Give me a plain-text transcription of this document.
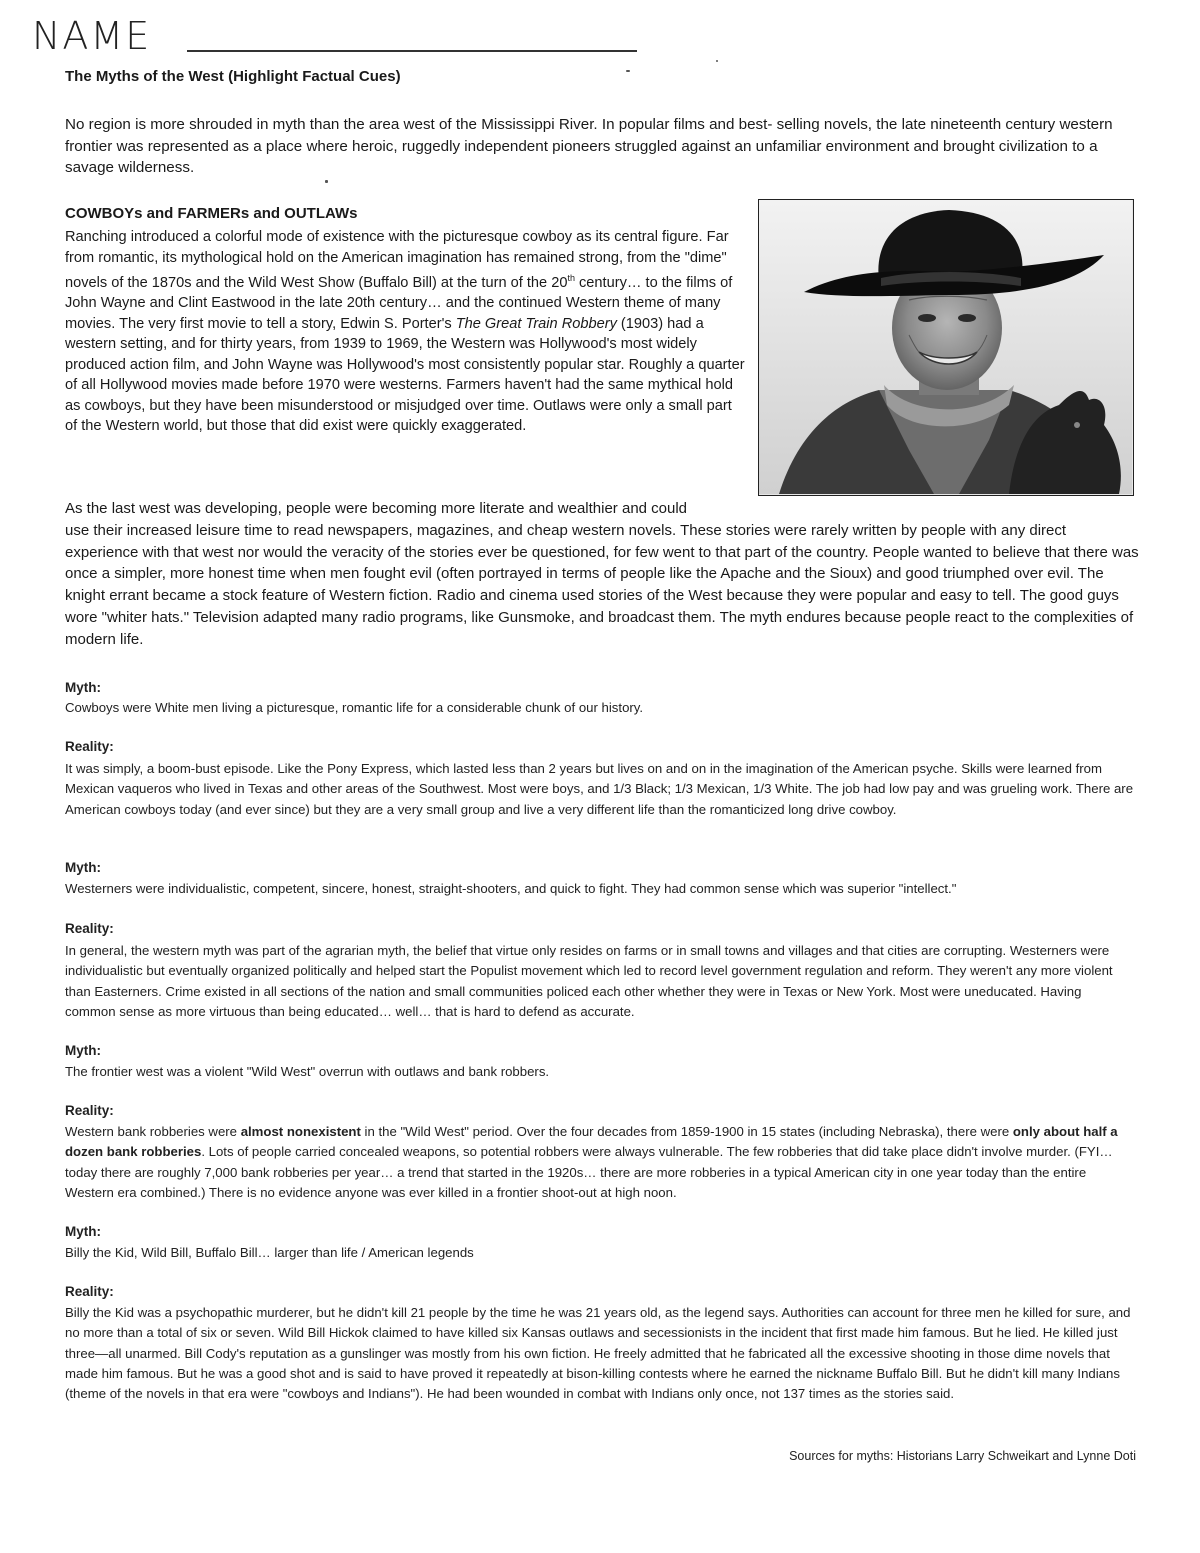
NAME
The Myths of the West (Highlight Factual Cues)
No region is more shrouded in myth than the area west of the Mississippi River. In popular films and best- selling novels, the late nineteenth century western frontier was represented as a place where heroic, ruggedly independent pioneers struggled against an unfamiliar environment and brought civilization to a savage wilderness.
COWBOYs and FARMERs and OUTLAWs
Ranching introduced a colorful mode of existence with the picturesque cowboy as its central figure. Far from romantic, its mythological hold on the American imagination has remained strong, from the "dime" novels of the 1870s and the Wild West Show (Buffalo Bill) at the turn of the 20th century… to the films of John Wayne and Clint Eastwood in the late 20th century… and the continued Western theme of many movies. The very first movie to tell a story, Edwin S. Porter's The Great Train Robbery (1903) had a western setting, and for thirty years, from 1939 to 1969, the Western was Hollywood's most widely produced action film, and John Wayne was Hollywood's most consistently popular star. Roughly a quarter of all Hollywood movies made before 1970 were westerns. Farmers haven't had the same mythical hold as cowboys, but they have been misunderstood or misjudged over time. Outlaws were only a small part of the Western world, but those that did exist were quickly exaggerated.
As the last west was developing, people were becoming more literate and wealthier and could
use their increased leisure time to read newspapers, magazines, and cheap western novels. These stories were rarely written by people with any direct experience with that west nor would the veracity of the stories ever be questioned, for few went to that part of the country. People wanted to believe that there was once a simpler, more honest time when men fought evil (often portrayed in terms of people like the Apache and the Sioux) and good triumphed over evil. The knight errant became a stock feature of Western fiction. Radio and cinema used stories of the West because they were popular and easy to tell. The good guys wore "whiter hats." Television adapted many radio programs, like Gunsmoke, and broadcast them. The myth endures because people react to the complexities of modern life.
Myth:
Cowboys were White men living a picturesque, romantic life for a considerable chunk of our history.
Reality:
It was simply, a boom-bust episode. Like the Pony Express, which lasted less than 2 years but lives on and on in the imagination of the American psyche. Skills were learned from Mexican vaqueros who lived in Texas and other areas of the Southwest. Most were boys, and 1/3 Black; 1/3 Mexican, 1/3 White. The job had low pay and was grueling work. There are American cowboys today (and ever since) but they are a very small group and live a very different life than the romanticized long drive cowboy.
Myth:
Westerners were individualistic, competent, sincere, honest, straight-shooters, and quick to fight. They had common sense which was superior "intellect."
Reality:
In general, the western myth was part of the agrarian myth, the belief that virtue only resides on farms or in small towns and villages and that cities are corrupting. Westerners were individualistic but eventually organized politically and helped start the Populist movement which led to record level government regulation and reform. They weren't any more violent than Easterners. Crime existed in all sections of the nation and small communities policed each other whether they were in Texas or New York. Most were uneducated. Having common sense as more virtuous than being educated… well… that is hard to defend as accurate.
Myth:
The frontier west was a violent "Wild West" overrun with outlaws and bank robbers.
Reality:
Western bank robberies were almost nonexistent in the "Wild West" period. Over the four decades from 1859-1900 in 15 states (including Nebraska), there were only about half a dozen bank robberies. Lots of people carried concealed weapons, so potential robbers were always vulnerable. The few robberies that did take place didn't involve murder. (FYI…today there are roughly 7,000 bank robberies per year… a trend that started in the 1920s… there are more robberies in a typical American city in one year today than the entire Western era combined.) There is no evidence anyone was ever killed in a frontier shoot-out at high noon.
Myth:
Billy the Kid, Wild Bill, Buffalo Bill… larger than life / American legends
Reality:
Billy the Kid was a psychopathic murderer, but he didn't kill 21 people by the time he was 21 years old, as the legend says. Authorities can account for three men he killed for sure, and no more than a total of six or seven. Wild Bill Hickok claimed to have killed six Kansas outlaws and secessionists in the incident that first made him famous. But he lied. He killed just three—all unarmed. Bill Cody's reputation as a gunslinger was mostly from his own fiction. He freely admitted that he fabricated all the excessive shooting in those dime novels that made him famous. But he was a good shot and is said to have proved it repeatedly at bison-killing contests where he earned the nickname Buffalo Bill. But he didn't kill many Indians (theme of the novels in that era were "cowboys and Indians"). He had been wounded in combat with Indians only once, not 137 times as the stories said.
Sources for myths: Historians Larry Schweikart and Lynne Doti
